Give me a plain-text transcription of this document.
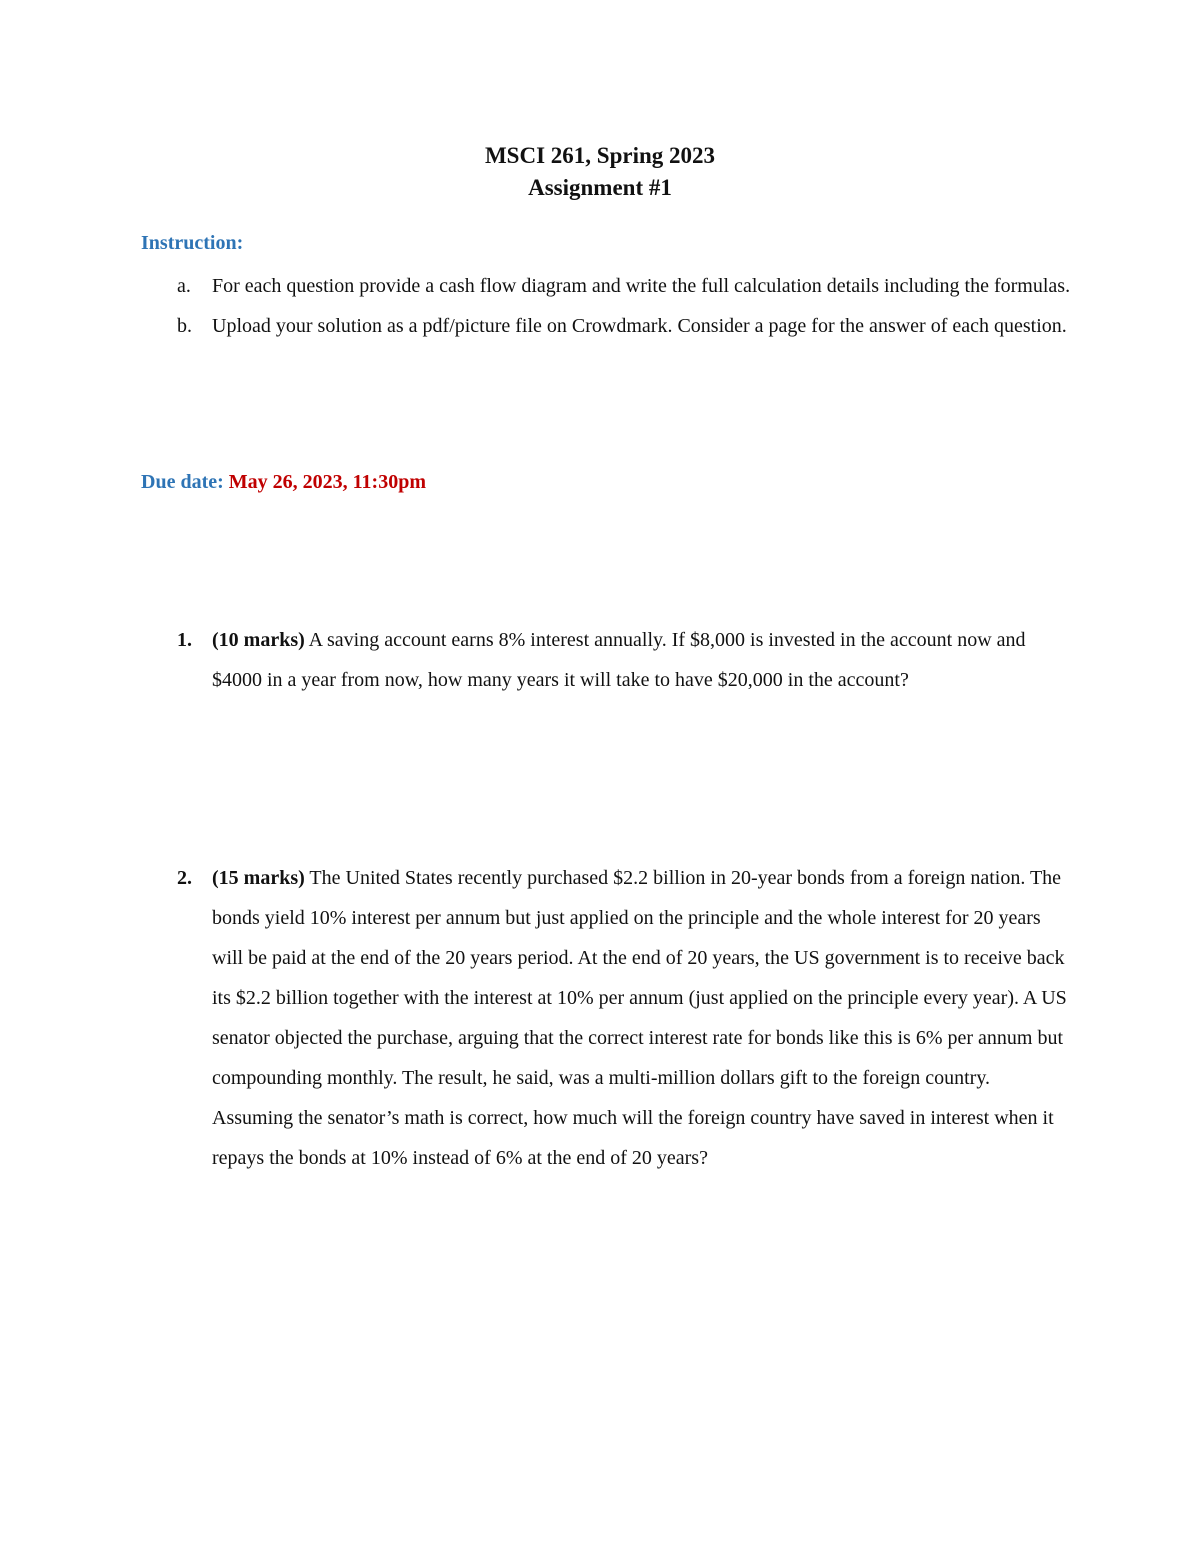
MSCI 261, Spring 2023
Assignment #1
Instruction:
a. For each question provide a cash flow diagram and write the full calculation details including the formulas.
b. Upload your solution as a pdf/picture file on Crowdmark. Consider a page for the answer of each question.
Due date: May 26, 2023, 11:30pm
1.	(10 marks) A saving account earns 8% interest annually. If $8,000 is invested in the account now and $4000 in a year from now, how many years it will take to have $20,000 in the account?
2.	(15 marks) The United States recently purchased $2.2 billion in 20-year bonds from a foreign nation. The bonds yield 10% interest per annum but just applied on the principle and the whole interest for 20 years will be paid at the end of the 20 years period. At the end of 20 years, the US government is to receive back its $2.2 billion together with the interest at 10% per annum (just applied on the principle every year). A US senator objected the purchase, arguing that the correct interest rate for bonds like this is 6% per annum but compounding monthly. The result, he said, was a multi-million dollars gift to the foreign country. Assuming the senator’s math is correct, how much will the foreign country have saved in interest when it repays the bonds at 10% instead of 6% at the end of 20 years?
